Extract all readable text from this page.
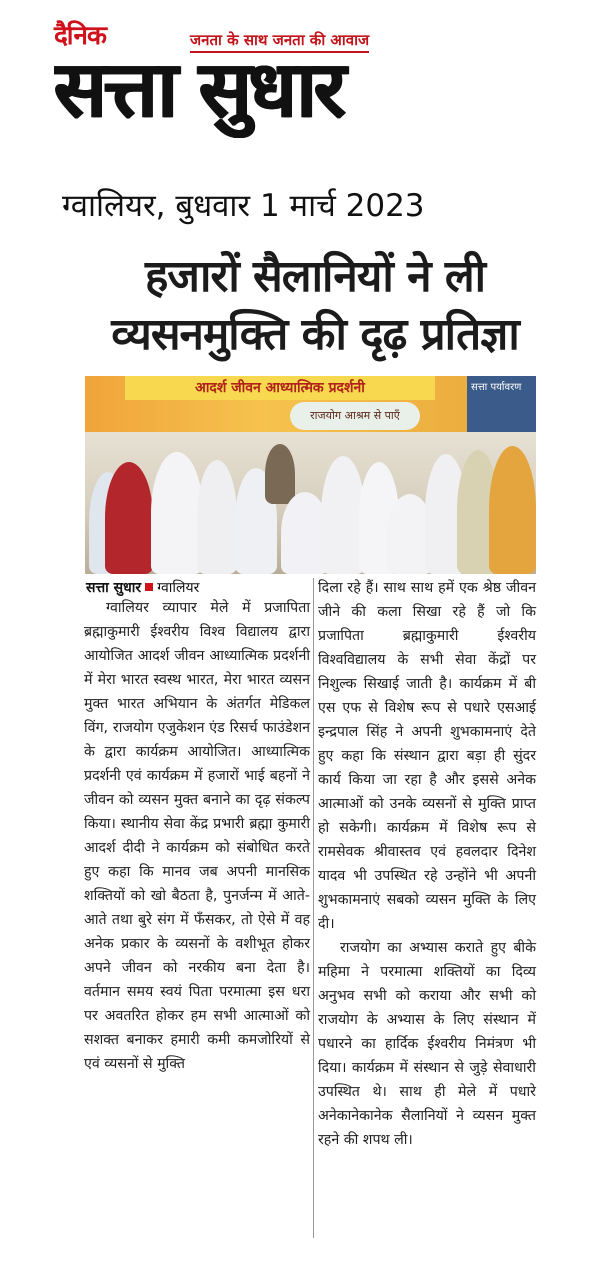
दैनिक	जनता के साथ जनता की आवाज
सत्ता सुधार
ग्वालियर, बुधवार 1 मार्च 2023
हजारों सैलानियों ने ली
व्यसनमुक्ति की दृढ़ प्रतिज्ञा
आदर्श जीवन आध्यात्मिक प्रदर्शनी
राजयोग आश्रम से पाएँ
सत्ता पर्यावरण
सत्ता सुधार ग्वालियर

ग्वालियर व्यापार मेले में प्रजापिता ब्रह्माकुमारी ईश्वरीय विश्व विद्यालय द्वारा आयोजित आदर्श जीवन आध्यात्मिक प्रदर्शनी में मेरा भारत स्वस्थ भारत, मेरा भारत व्यसन मुक्त भारत अभियान के अंतर्गत मेडिकल विंग, राजयोग एजुकेशन एंड रिसर्च फाउंडेशन के द्वारा कार्यक्रम आयोजित। आध्यात्मिक प्रदर्शनी एवं कार्यक्रम में हजारों भाई बहनों ने जीवन को व्यसन मुक्त बनाने का दृढ़ संकल्प किया। स्थानीय सेवा केंद्र प्रभारी ब्रह्मा कुमारी आदर्श दीदी ने कार्यक्रम को संबोधित करते हुए कहा कि मानव जब अपनी मानसिक शक्तियों को खो बैठता है, पुनर्जन्म में आते-आते तथा बुरे संग में फँसकर, तो ऐसे में वह अनेक प्रकार के व्यसनों के वशीभूत होकर अपने जीवन को नरकीय बना देता है। वर्तमान समय स्वयं पिता परमात्मा इस धरा पर अवतरित होकर हम सभी आत्माओं को सशक्त बनाकर हमारी कमी कमजोरियों से एवं व्यसनों से मुक्ति

दिला रहे हैं। साथ साथ हमें एक श्रेष्ठ जीवन जीने की कला सिखा रहे हैं जो कि प्रजापिता ब्रह्माकुमारी ईश्वरीय विश्वविद्यालय के सभी सेवा केंद्रों पर निशुल्क सिखाई जाती है। कार्यक्रम में बी एस एफ से विशेष रूप से पधारे एसआई इन्द्रपाल सिंह ने अपनी शुभकामनाएं देते हुए कहा कि संस्थान द्वारा बड़ा ही सुंदर कार्य किया जा रहा है और इससे अनेक आत्माओं को उनके व्यसनों से मुक्ति प्राप्त हो सकेगी। कार्यक्रम में विशेष रूप से रामसेवक श्रीवास्तव एवं हवलदार दिनेश यादव भी उपस्थित रहे उन्होंने भी अपनी शुभकामनाएं सबको व्यसन मुक्ति के लिए दी।

राजयोग का अभ्यास कराते हुए बीके महिमा ने परमात्मा शक्तियों का दिव्य अनुभव सभी को कराया और सभी को राजयोग के अभ्यास के लिए संस्थान में पधारने का हार्दिक ईश्वरीय निमंत्रण भी दिया। कार्यक्रम में संस्थान से जुड़े सेवाधारी उपस्थित थे। साथ ही मेले में पधारे अनेकानेकानेक सैलानियों ने व्यसन मुक्त रहने की शपथ ली।
